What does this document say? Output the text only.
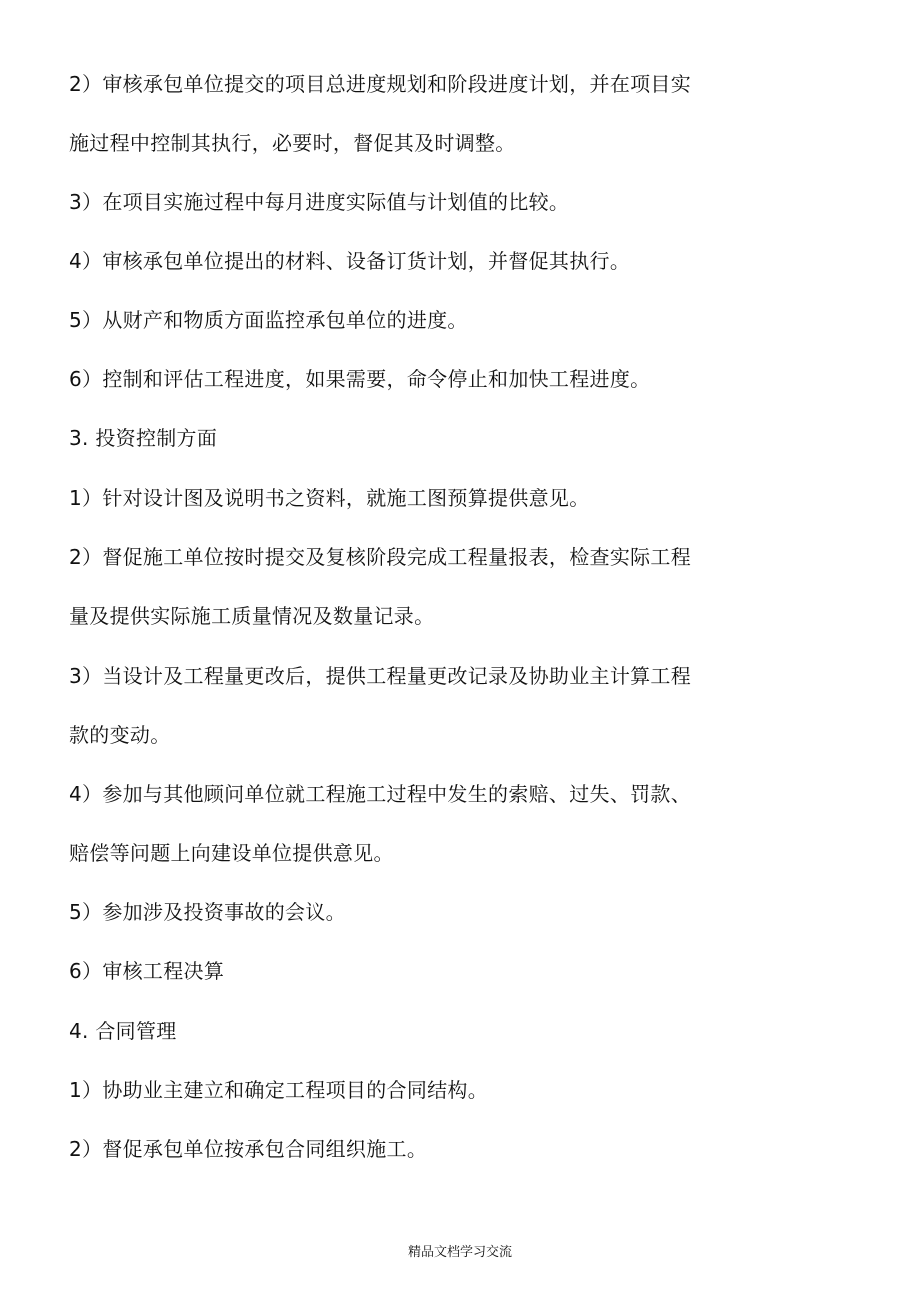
2）审核承包单位提交的项目总进度规划和阶段进度计划，并在项目实
施过程中控制其执行，必要时，督促其及时调整。
3）在项目实施过程中每月进度实际值与计划值的比较。
4）审核承包单位提出的材料、设备订货计划，并督促其执行。
5）从财产和物质方面监控承包单位的进度。
6）控制和评估工程进度，如果需要，命令停止和加快工程进度。
3. 投资控制方面
1）针对设计图及说明书之资料，就施工图预算提供意见。
2）督促施工单位按时提交及复核阶段完成工程量报表，检查实际工程
量及提供实际施工质量情况及数量记录。
3）当设计及工程量更改后，提供工程量更改记录及协助业主计算工程
款的变动。
4）参加与其他顾问单位就工程施工过程中发生的索赔、过失、罚款、
赔偿等问题上向建设单位提供意见。
5）参加涉及投资事故的会议。
6）审核工程决算
4. 合同管理
1）协助业主建立和确定工程项目的合同结构。
2）督促承包单位按承包合同组织施工。
精品文档学习交流
